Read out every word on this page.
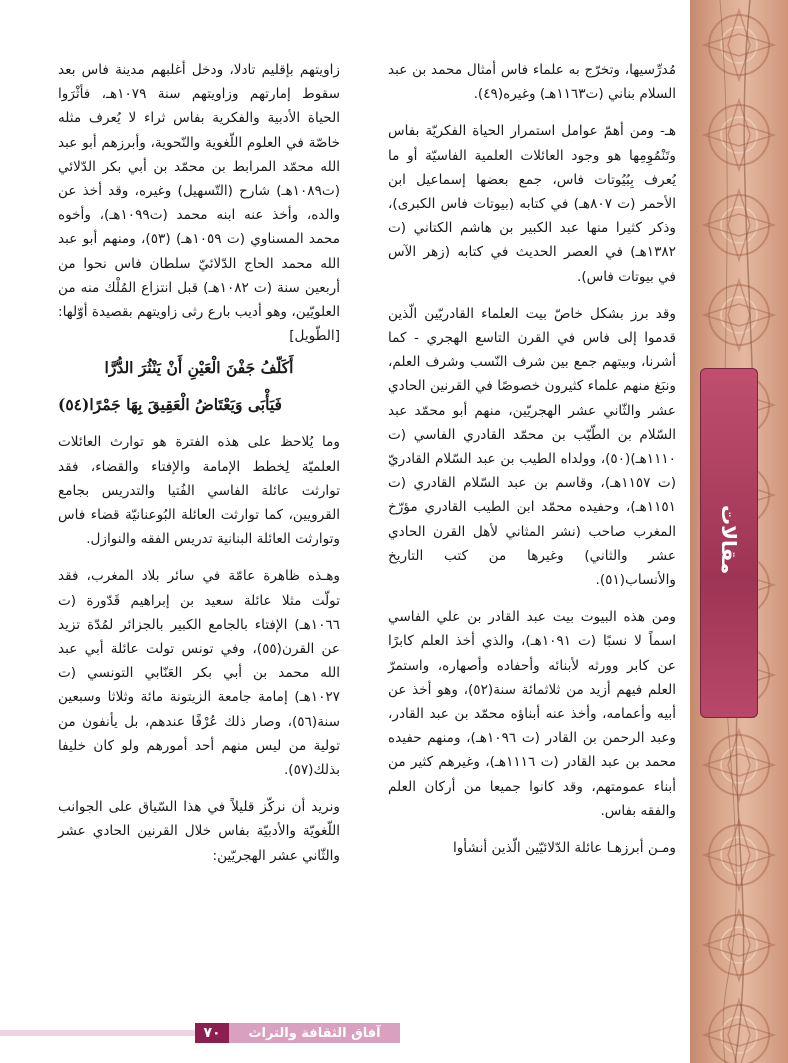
مقالات

مُدرِّسيها، وتخرّج به علماء فاس أمثال محمد بن عبد السلام بناني (ت١١٦٣هـ) وغيره(٤٩).

هـ- ومن أهمّ عوامل استمرار الحياة الفكريّة بفاس وتَنْمُوِمِها هو وجود العائلات العلمية الفاسيّة أو ما يُعرف بِبُيُوتات فاس، جمع بعضها إسماعيل ابن الأحمر (ت ٨٠٧هـ) في كتابه (بيوتات فاس الكبرى)، وذكر كثيرا منها عبد الكبير بن هاشم الكتاني (ت ١٣٨٢هـ) في العصر الحديث في كتابه (زهر الآس في بيوتات فاس).

وقد برز بشكل خاصّ بيت العلماء القادريّين الّذين قدموا إلى فاس في القرن التاسع الهجري - كما أشرنا، وبيتهم جمع بين شرف النّسب وشرف العلم، ونبَغ منهم علماء كثيرون خصوصًا في القرنين الحادي عشر والثّاني عشر الهجريّين، منهم أبو محمّد عبد السّلام بن الطّيّب بن محمّد القادري الفاسي (ت ١١١٠هـ)(٥٠)، وولداه الطيب بن عبد السّلام القادريّ (ت ١١٥٧هـ)، وقاسم بن عبد السّلام القادري (ت ١١٥١هـ)، وحفيده محمّد ابن الطيب القادري مؤرّخ المغرب صاحب (نشر المثاني لأهل القرن الحادي عشر والثاني) وغيرها من كتب التاريخ والأنساب(٥١).

ومن هذه البيوت بيت عبد القادر بن علي الفاسي اسماً لا نسبًا (ت ١٠٩١هـ)، والذي أخذ العلم كابرًا عن كابر وورثه لأبنائه وأحفاده وأصهاره، واستمرّ العلم فيهم أزيد من ثلاثمائة سنة(٥٢)، وهو أخذ عن أبيه وأعمامه، وأخذ عنه أبناؤه محمّد بن عبد القادر، وعبد الرحمن بن القادر (ت ١٠٩٦هـ)، ومنهم حفيده محمد بن عبد القادر (ت ١١١٦هـ)، وغيرهم كثير من أبناء عمومتهم، وقد كانوا جميعا من أركان العلم والفقه بفاس.

ومـن أبرزهـا عائلة الدّلائيّين الّذين أنشأوا

زاويتهم بإقليم تادلا، ودخل أغلبهم مدينة فاس بعد سقوط إمارتهم وزاويتهم سنة ١٠٧٩هـ، فأثْرَوا الحياة الأدبية والفكرية بفاس ثراء لا يُعرف مثله خاصّة في العلوم اللّغوية والنّحوية، وأبرزهم أبو عبد الله محمّد المرابط بن محمّد بن أبي بكر الدّلائي (ت١٠٨٩هـ) شارح (التّسهيل) وغيره، وقد أخذ عن والده، وأخذ عنه ابنه محمد (ت١٠٩٩هـ)، وأخوه محمد المسناوي (ت ١٠٥٩هـ) (٥٣)، ومنهم أبو عبد الله محمد الحاج الدّلائيّ سلطان فاس نحوا من أربعين سنة (ت ١٠٨٢هـ) قبل انتزاع المُلْك منه من العلويّين، وهو أديب بارع رثى زاويتهم بقصيدة أوّلها: [الطّويل]

أَكَلّفُ جَفْنَ الْعَيْنِ أَنْ يَنْثُرَ الدُّرَّا
فَيَأْبَى وَيَعْتَاضُ الْعَقِيقَ بِهَا جَمْرًا(٥٤)

وما يُلاحظ على هذه الفترة هو توارث العائلات العلميّة لِخطط الإمامة والإفتاء والقضاء، فقد توارثت عائلة الفاسي الفُتيا والتدريس بجامع القرويين، كما توارثت العائلة البُوعنانيّة قضاء فاس وتوارثت العائلة البنانية تدريس الفقه والنوازل.

وهـذه ظاهرة عامّة في سائر بلاد المغرب، فقد تولّت مثلا عائلة سعيد بن إبراهيم قَدّورة (ت ١٠٦٦هـ) الإفتاء بالجامع الكبير بالجزائر لمُدّة تزيد عن القرن(٥٥)، وفي تونس تولت عائلة أبي عبد الله محمد بن أبي بكر العَنّابي التونسي (ت ١٠٢٧هـ) إمامة جامعة الزيتونة مائة وثلاثا وسبعين سنة(٥٦)، وصار ذلك عُرْفًا عندهم، بل يأنفون من تولية من ليس منهم أحد أمورهم ولو كان خليفا بذلك(٥٧).

ونريد أن نركّز قليلاً في هذا السّياق على الجوانب اللّغويّة والأدبيّة بفاس خلال القرنين الحادي عشر والثّاني عشر الهجريّين:

٧٠	آفاق الثقافة والتراث
